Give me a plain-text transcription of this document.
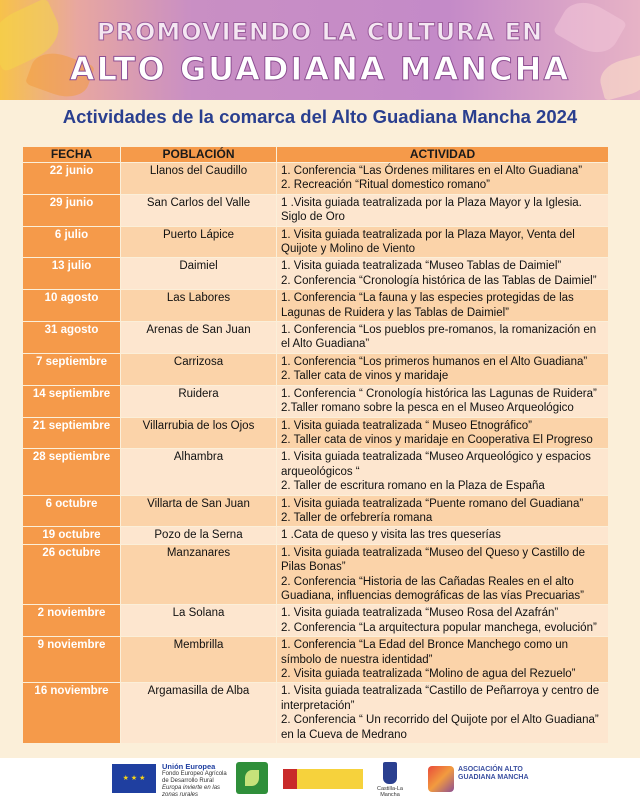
PROMOVIENDO LA CULTURA EN
ALTO GUADIANA MANCHA
Actividades de la comarca del Alto Guadiana Mancha 2024
FECHA	POBLACIÓN	ACTIVIDAD
22 junio	Llanos del Caudillo	1. Conferencia “Las Órdenes militares en el Alto Guadiana”
2. Recreación “Ritual domestico romano”

29 junio	San Carlos del Valle	1 .Visita guiada teatralizada por la Plaza Mayor y la Iglesia. Siglo de Oro

6 julio	Puerto Lápice	1. Visita guiada teatralizada por la Plaza Mayor, Venta del Quijote y Molino de Viento

13 julio	Daimiel	1. Visita guiada teatralizada “Museo Tablas de Daimiel”
2. Conferencia “Cronología histórica de las Tablas de Daimiel”

10 agosto	Las Labores	1. Conferencia “La fauna y las especies protegidas de las Lagunas de Ruidera y las Tablas de Daimiel”

31 agosto	Arenas de San Juan	1. Conferencia “Los pueblos pre-romanos, la romanización en el Alto Guadiana”

7 septiembre	Carrizosa	1. Conferencia “Los primeros humanos en el Alto Guadiana”
2. Taller cata de vinos y maridaje

14 septiembre	Ruidera	1. Conferencia “ Cronología histórica las Lagunas de Ruidera”
2.Taller romano sobre la pesca en el Museo Arqueológico

21 septiembre	Villarrubia de los Ojos	1. Visita guiada teatralizada “ Museo Etnográfico”
2. Taller cata de vinos y maridaje en Cooperativa El Progreso

28 septiembre	Alhambra	1. Visita guiada teatralizada “Museo Arqueológico y espacios arqueológicos “
2. Taller de escritura romano en la Plaza de España

6 octubre	Villarta de San Juan	1. Visita guiada teatralizada “Puente romano del Guadiana”
2. Taller de orfebrería romana

19 octubre	Pozo de la Serna	1 .Cata de queso y visita las tres queserías

26 octubre	Manzanares	1. Visita guiada teatralizada “Museo del Queso y Castillo de Pilas Bonas”
2. Conferencia “Historia de las Cañadas Reales en el alto Guadiana, influencias demográficas de las vías Precuarias”

2 noviembre	La Solana	1. Visita guiada teatralizada “Museo Rosa del Azafrán”
2. Conferencia “La arquitectura popular manchega, evolución”

9 noviembre	Membrilla	1. Conferencia “La Edad del Bronce Manchego como un símbolo de nuestra identidad”
2. Visita guiada teatralizada “Molino de agua del Rezuelo”

16 noviembre	Argamasilla de Alba	1. Visita guiada teatralizada “Castillo de Peñarroya y centro de interpretación”
2. Conferencia “ Un recorrido del Quijote por el Alto Guadiana” en la Cueva de Medrano
★ ★ ★
Unión Europea
Fondo Europeo Agrícola de Desarrollo Rural
Europa invierte en las zonas rurales
Castilla-La Mancha
ASOCIACIÓN ALTO GUADIANA MANCHA
